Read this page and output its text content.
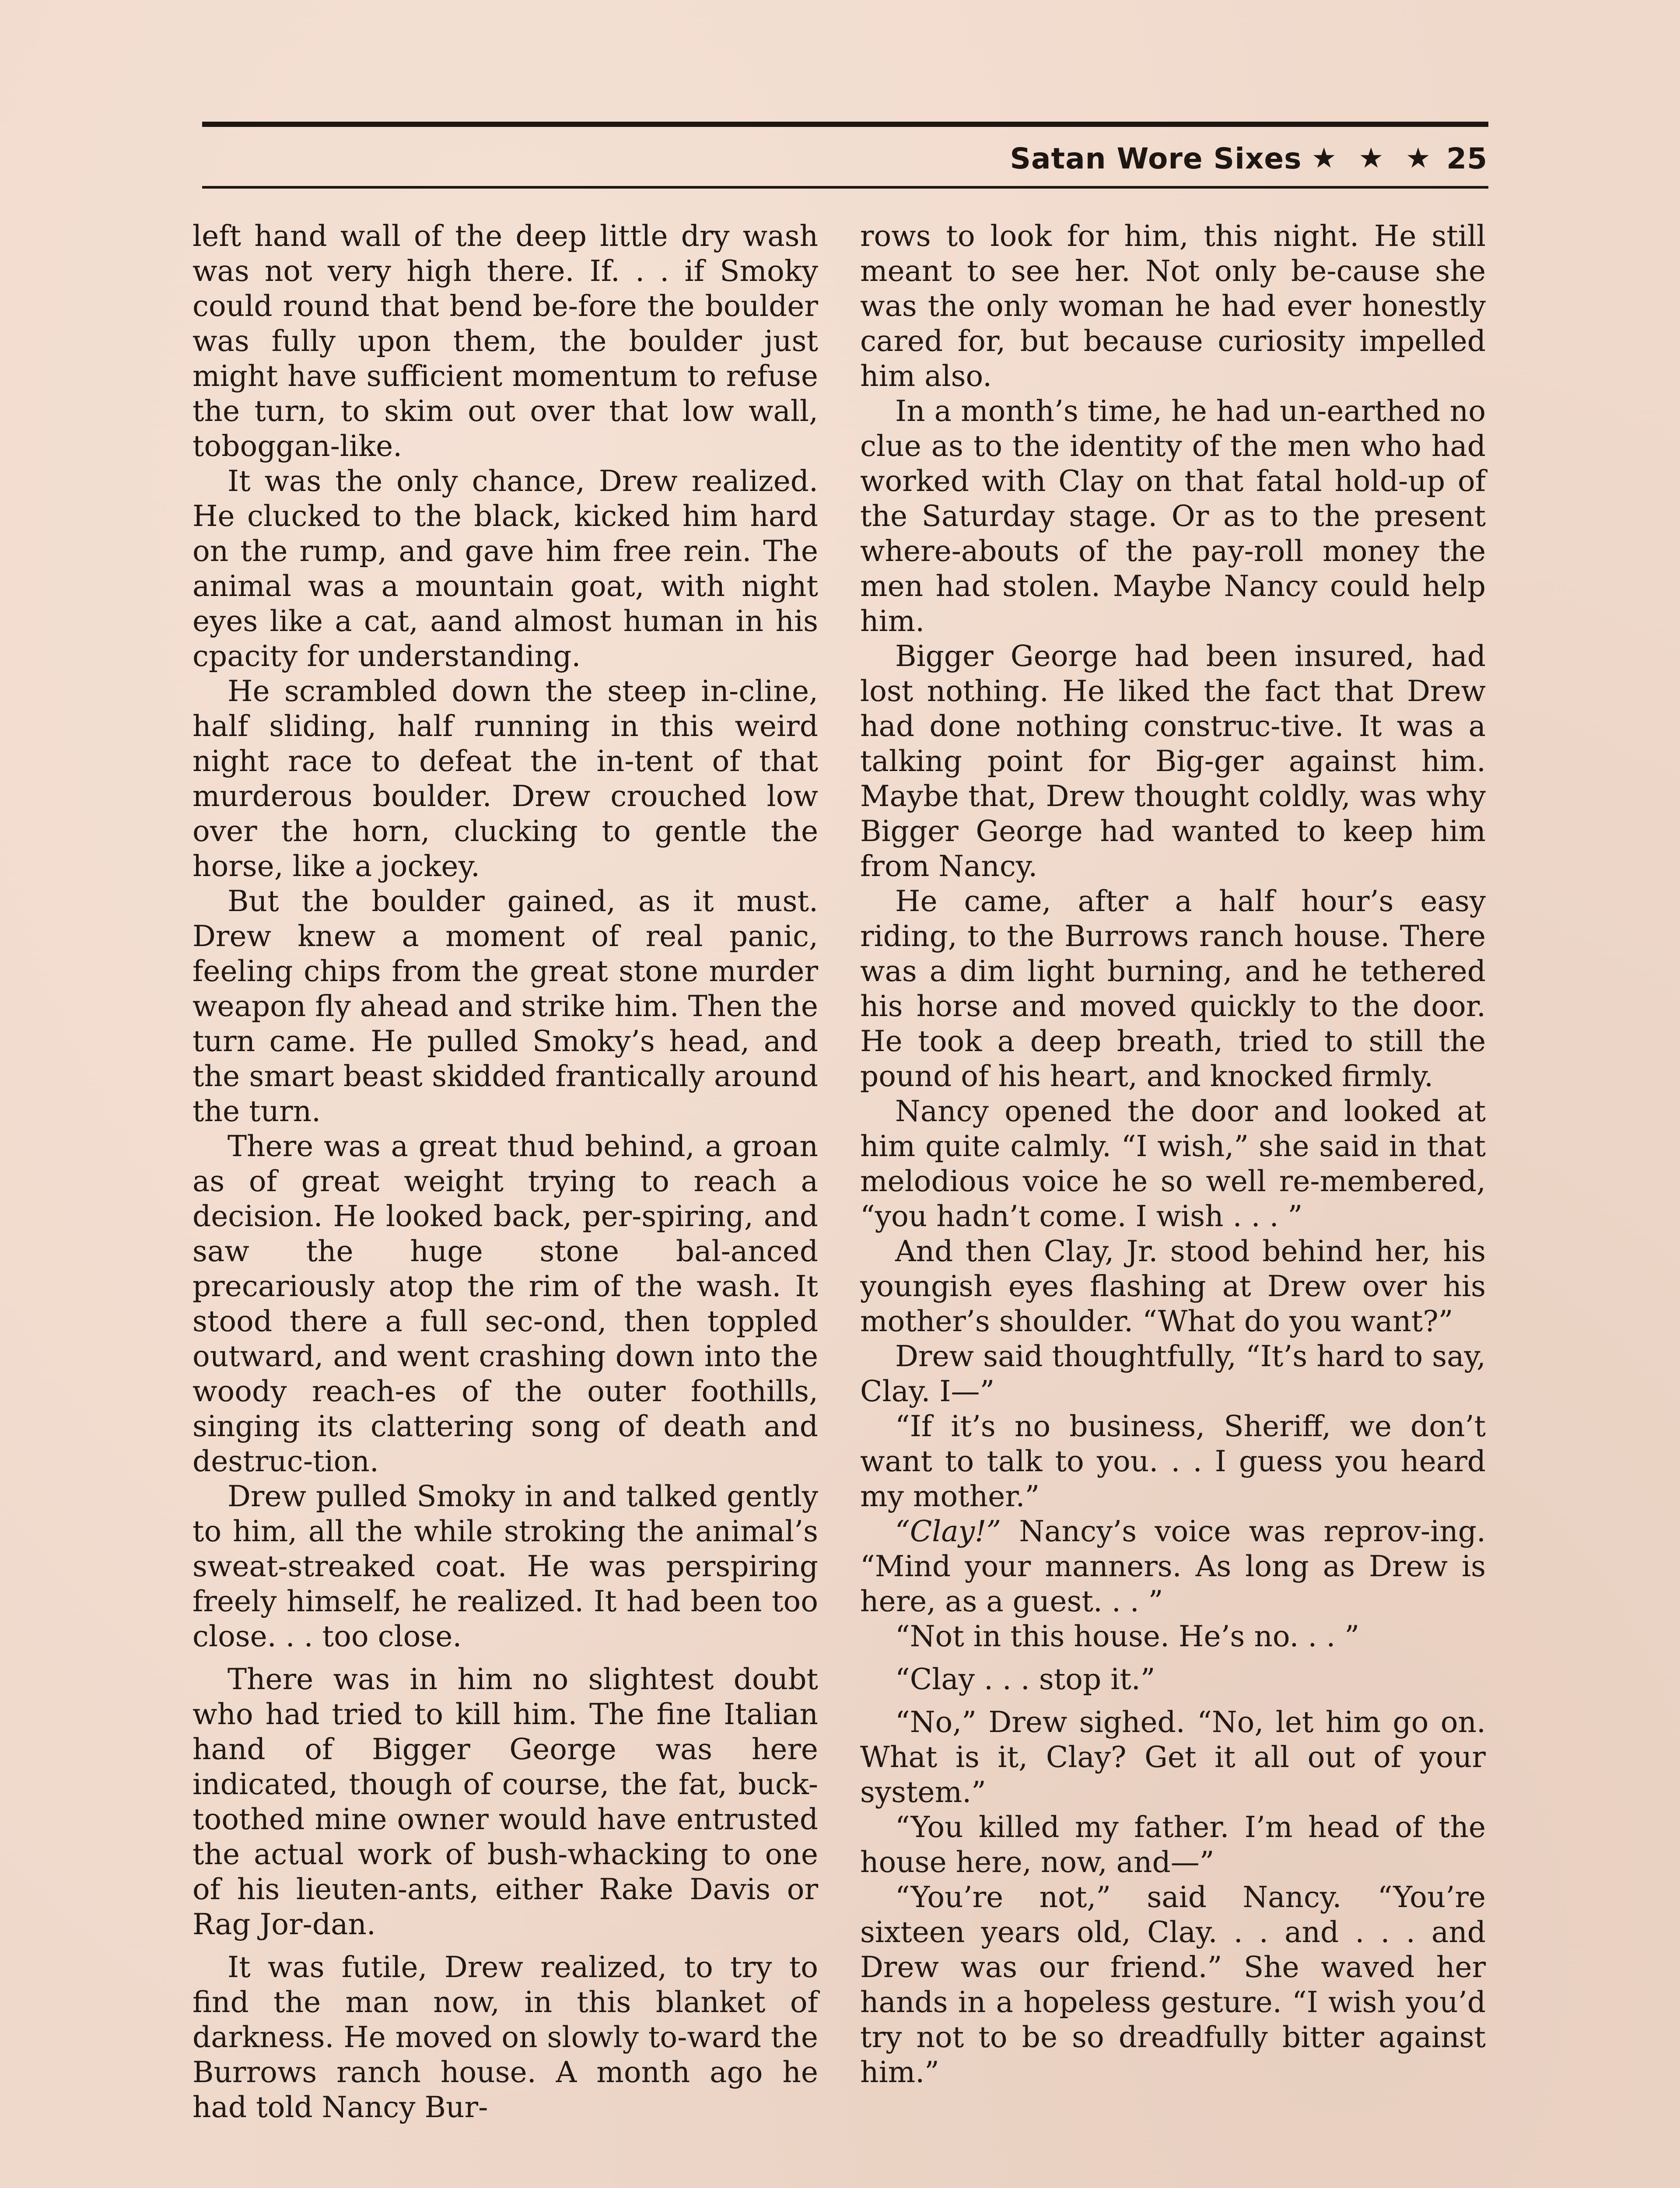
Satan Wore Sixes ★ ★ ★ 25

left hand wall of the deep little dry wash was not very high there. If. . . if Smoky could round that bend be-fore the boulder was fully upon them, the boulder just might have sufficient momentum to refuse the turn, to skim out over that low wall, toboggan-like.

It was the only chance, Drew realized. He clucked to the black, kicked him hard on the rump, and gave him free rein. The animal was a mountain goat, with night eyes like a cat, aand almost human in his cpacity for understanding.

He scrambled down the steep in-cline, half sliding, half running in this weird night race to defeat the in-tent of that murderous boulder. Drew crouched low over the horn, clucking to gentle the horse, like a jockey.

But the boulder gained, as it must. Drew knew a moment of real panic, feeling chips from the great stone murder weapon fly ahead and strike him. Then the turn came. He pulled Smoky’s head, and the smart beast skidded frantically around the turn.

There was a great thud behind, a groan as of great weight trying to reach a decision. He looked back, per-spiring, and saw the huge stone bal-anced precariously atop the rim of the wash. It stood there a full sec-ond, then toppled outward, and went crashing down into the woody reach-es of the outer foothills, singing its clattering song of death and destruc-tion.

Drew pulled Smoky in and talked gently to him, all the while stroking the animal’s sweat-streaked coat. He was perspiring freely himself, he realized. It had been too close. . . too close.

There was in him no slightest doubt who had tried to kill him. The fine Italian hand of Bigger George was here indicated, though of course, the fat, buck-toothed mine owner would have entrusted the actual work of bush-whacking to one of his lieuten-ants, either Rake Davis or Rag Jor-dan.

It was futile, Drew realized, to try to find the man now, in this blanket of darkness. He moved on slowly to-ward the Burrows ranch house. A month ago he had told Nancy Bur-

rows to look for him, this night. He still meant to see her. Not only be-cause she was the only woman he had ever honestly cared for, but because curiosity impelled him also.

In a month’s time, he had un-earthed no clue as to the identity of the men who had worked with Clay on that fatal hold-up of the Saturday stage. Or as to the present where-abouts of the pay-roll money the men had stolen. Maybe Nancy could help him.

Bigger George had been insured, had lost nothing. He liked the fact that Drew had done nothing construc-tive. It was a talking point for Big-ger against him. Maybe that, Drew thought coldly, was why Bigger George had wanted to keep him from Nancy.

He came, after a half hour’s easy riding, to the Burrows ranch house. There was a dim light burning, and he tethered his horse and moved quickly to the door. He took a deep breath, tried to still the pound of his heart, and knocked firmly.

Nancy opened the door and looked at him quite calmly. “I wish,” she said in that melodious voice he so well re-membered, “you hadn’t come. I wish . . . ”

And then Clay, Jr. stood behind her, his youngish eyes flashing at Drew over his mother’s shoulder. “What do you want?”

Drew said thoughtfully, “It’s hard to say, Clay. I—”

“If it’s no business, Sheriff, we don’t want to talk to you. . . I guess you heard my mother.”

“Clay!” Nancy’s voice was reprov-ing. “Mind your manners. As long as Drew is here, as a guest. . . ”

“Not in this house. He’s no. . . ”

“Clay . . . stop it.”

“No,” Drew sighed. “No, let him go on. What is it, Clay? Get it all out of your system.”

“You killed my father. I’m head of the house here, now, and—”

“You’re not,” said Nancy. “You’re sixteen years old, Clay. . . and . . . and Drew was our friend.” She waved her hands in a hopeless gesture. “I wish you’d try not to be so dreadfully bitter against him.”
